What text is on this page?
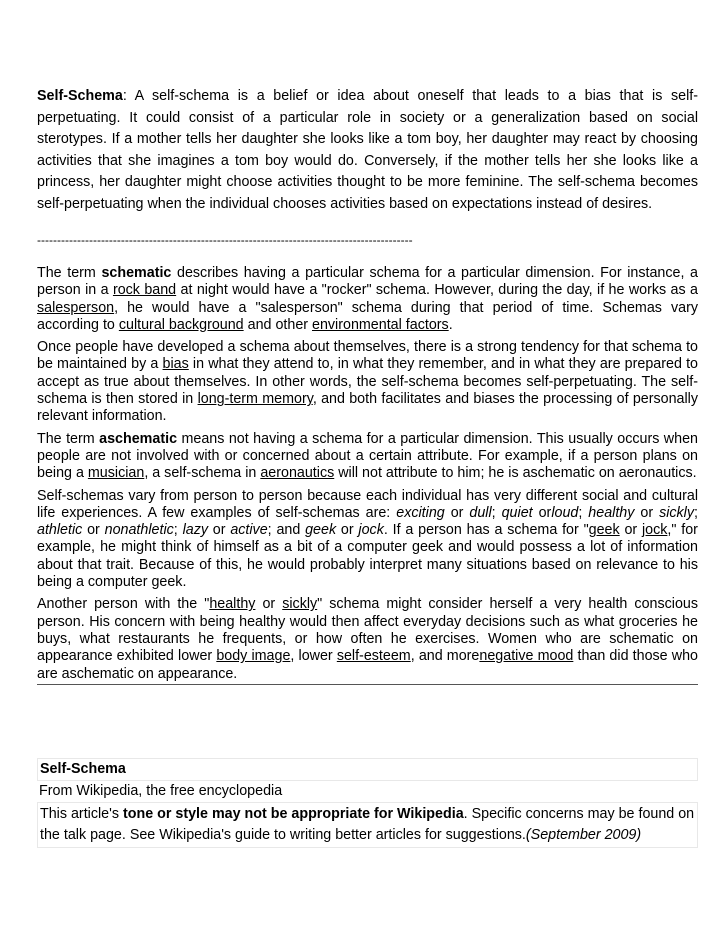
Self-Schema: A self-schema is a belief or idea about oneself that leads to a bias that is self-perpetuating. It could consist of a particular role in society or a generalization based on social sterotypes. If a mother tells her daughter she looks like a tom boy, her daughter may react by choosing activities that she imagines a tom boy would do. Conversely, if the mother tells her she looks like a princess, her daughter might choose activities thought to be more feminine. The self-schema becomes self-perpetuating when the individual chooses activities based on expectations instead of desires.
----------------------------------------------------------------------------------------------

The term schematic describes having a particular schema for a particular dimension. For instance, a person in a rock band at night would have a "rocker" schema. However, during the day, if he works as a salesperson, he would have a "salesperson" schema during that period of time. Schemas vary according to cultural background and other environmental factors.

Once people have developed a schema about themselves, there is a strong tendency for that schema to be maintained by a bias in what they attend to, in what they remember, and in what they are prepared to accept as true about themselves. In other words, the self-schema becomes self-perpetuating. The self-schema is then stored in long-term memory, and both facilitates and biases the processing of personally relevant information.

The term aschematic means not having a schema for a particular dimension. This usually occurs when people are not involved with or concerned about a certain attribute. For example, if a person plans on being a musician, a self-schema in aeronautics will not attribute to him; he is aschematic on aeronautics.

Self-schemas vary from person to person because each individual has very different social and cultural life experiences. A few examples of self-schemas are: exciting or dull; quiet orloud; healthy or sickly; athletic or nonathletic; lazy or active; and geek or jock. If a person has a schema for "geek or jock," for example, he might think of himself as a bit of a computer geek and would possess a lot of information about that trait. Because of this, he would probably interpret many situations based on relevance to his being a computer geek.

Another person with the "healthy or sickly" schema might consider herself a very health conscious person. His concern with being healthy would then affect everyday decisions such as what groceries he buys, what restaurants he frequents, or how often he exercises. Women who are schematic on appearance exhibited lower body image, lower self-esteem, and morenegative mood than did those who are aschematic on appearance.

Self-Schema
From Wikipedia, the free encyclopedia
This article's tone or style may not be appropriate for Wikipedia. Specific concerns may be found on the talk page. See Wikipedia's guide to writing better articles for suggestions.(September 2009)
